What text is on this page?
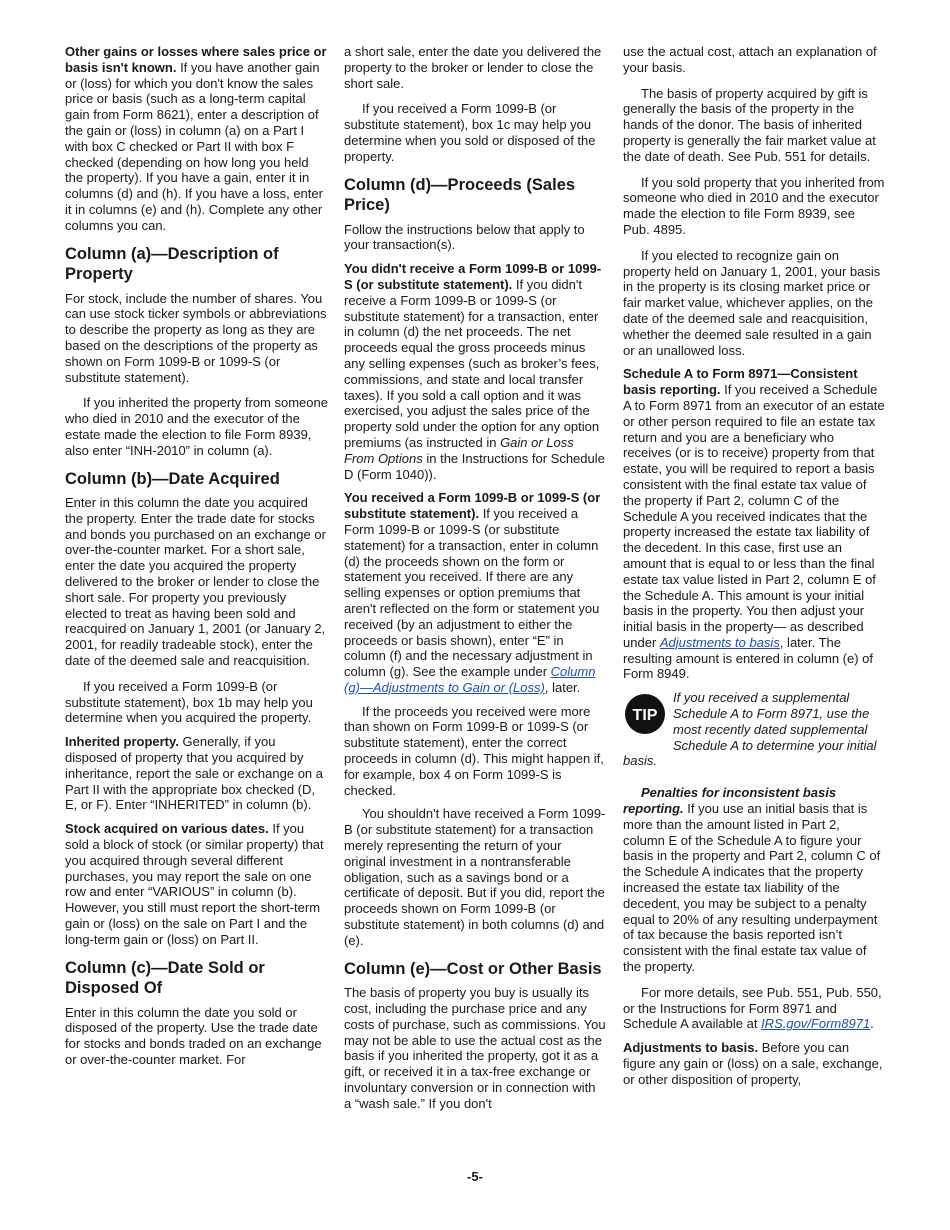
Other gains or losses where sales price or basis isn't known. If you have another gain or (loss) for which you don't know the sales price or basis (such as a long-term capital gain from Form 8621), enter a description of the gain or (loss) in column (a) on a Part I with box C checked or Part II with box F checked (depending on how long you held the property). If you have a gain, enter it in columns (d) and (h). If you have a loss, enter it in columns (e) and (h). Complete any other columns you can.

Column (a)—Description of Property

For stock, include the number of shares. You can use stock ticker symbols or abbreviations to describe the property as long as they are based on the descriptions of the property as shown on Form 1099-B or 1099-S (or substitute statement).

If you inherited the property from someone who died in 2010 and the executor of the estate made the election to file Form 8939, also enter “INH-2010” in column (a).

Column (b)—Date Acquired

Enter in this column the date you acquired the property. Enter the trade date for stocks and bonds you purchased on an exchange or over-the-counter market. For a short sale, enter the date you acquired the property delivered to the broker or lender to close the short sale. For property you previously elected to treat as having been sold and reacquired on January 1, 2001 (or January 2, 2001, for readily tradeable stock), enter the date of the deemed sale and reacquisition.

If you received a Form 1099-B (or substitute statement), box 1b may help you determine when you acquired the property.

Inherited property. Generally, if you disposed of property that you acquired by inheritance, report the sale or exchange on a Part II with the appropriate box checked (D, E, or F). Enter “INHERITED” in column (b).

Stock acquired on various dates. If you sold a block of stock (or similar property) that you acquired through several different purchases, you may report the sale on one row and enter “VARIOUS” in column (b). However, you still must report the short-term gain or (loss) on the sale on Part I and the long-term gain or (loss) on Part II.

Column (c)—Date Sold or Disposed Of

Enter in this column the date you sold or disposed of the property. Use the trade date for stocks and bonds traded on an exchange or over-the-counter market. For

a short sale, enter the date you delivered the property to the broker or lender to close the short sale.

If you received a Form 1099-B (or substitute statement), box 1c may help you determine when you sold or disposed of the property.

Column (d)—Proceeds (Sales Price)

Follow the instructions below that apply to your transaction(s).

You didn't receive a Form 1099-B or 1099-S (or substitute statement). If you didn't receive a Form 1099-B or 1099-S (or substitute statement) for a transaction, enter in column (d) the net proceeds. The net proceeds equal the gross proceeds minus any selling expenses (such as broker’s fees, commissions, and state and local transfer taxes). If you sold a call option and it was exercised, you adjust the sales price of the property sold under the option for any option premiums (as instructed in Gain or Loss From Options in the Instructions for Schedule D (Form 1040)).

You received a Form 1099-B or 1099-S (or substitute statement). If you received a Form 1099-B or 1099-S (or substitute statement) for a transaction, enter in column (d) the proceeds shown on the form or statement you received. If there are any selling expenses or option premiums that aren't reflected on the form or statement you received (by an adjustment to either the proceeds or basis shown), enter “E” in column (f) and the necessary adjustment in column (g). See the example under Column (g)—Adjustments to Gain or (Loss), later.

If the proceeds you received were more than shown on Form 1099-B or 1099-S (or substitute statement), enter the correct proceeds in column (d). This might happen if, for example, box 4 on Form 1099-S is checked.

You shouldn't have received a Form 1099-B (or substitute statement) for a transaction merely representing the return of your original investment in a nontransferable obligation, such as a savings bond or a certificate of deposit. But if you did, report the proceeds shown on Form 1099-B (or substitute statement) in both columns (d) and (e).

Column (e)—Cost or Other Basis

The basis of property you buy is usually its cost, including the purchase price and any costs of purchase, such as commissions. You may not be able to use the actual cost as the basis if you inherited the property, got it as a gift, or received it in a tax-free exchange or involuntary conversion or in connection with a “wash sale.” If you don't

use the actual cost, attach an explanation of your basis.

The basis of property acquired by gift is generally the basis of the property in the hands of the donor. The basis of inherited property is generally the fair market value at the date of death. See Pub. 551 for details.

If you sold property that you inherited from someone who died in 2010 and the executor made the election to file Form 8939, see Pub. 4895.

If you elected to recognize gain on property held on January 1, 2001, your basis in the property is its closing market price or fair market value, whichever applies, on the date of the deemed sale and reacquisition, whether the deemed sale resulted in a gain or an unallowed loss.

Schedule A to Form 8971—Consistent basis reporting. If you received a Schedule A to Form 8971 from an executor of an estate or other person required to file an estate tax return and you are a beneficiary who receives (or is to receive) property from that estate, you will be required to report a basis consistent with the final estate tax value of the property if Part 2, column C of the Schedule A you received indicates that the property increased the estate tax liability of the decedent. In this case, first use an amount that is equal to or less than the final estate tax value listed in Part 2, column E of the Schedule A. This amount is your initial basis in the property. You then adjust your initial basis in the property— as described under Adjustments to basis, later. The resulting amount is entered in column (e) of Form 8949.

TIP

If you received a supplemental Schedule A to Form 8971, use the most recently dated supplemental Schedule A to determine your initial basis.

Penalties for inconsistent basis reporting. If you use an initial basis that is more than the amount listed in Part 2, column E of the Schedule A to figure your basis in the property and Part 2, column C of the Schedule A indicates that the property increased the estate tax liability of the decedent, you may be subject to a penalty equal to 20% of any resulting underpayment of tax because the basis reported isn’t consistent with the final estate tax value of the property.

For more details, see Pub. 551, Pub. 550, or the Instructions for Form 8971 and Schedule A available at IRS.gov/Form8971.

Adjustments to basis. Before you can figure any gain or (loss) on a sale, exchange, or other disposition of property,

-5-
